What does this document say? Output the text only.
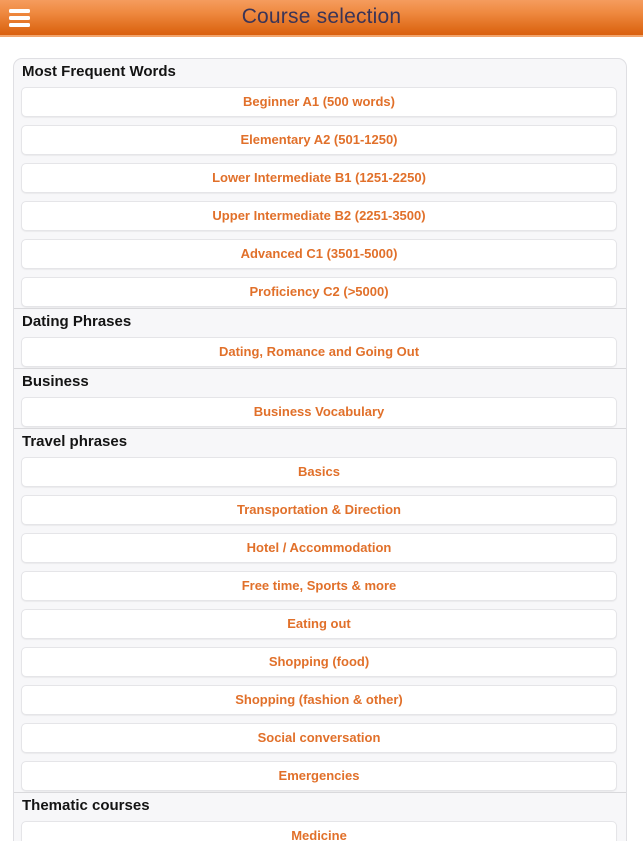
Course selection
Most Frequent Words
Beginner A1 (500 words)
Elementary A2 (501-1250)
Lower Intermediate B1 (1251-2250)
Upper Intermediate B2 (2251-3500)
Advanced C1 (3501-5000)
Proficiency C2 (>5000)
Dating Phrases
Dating, Romance and Going Out
Business
Business Vocabulary
Travel phrases
Basics
Transportation & Direction
Hotel / Accommodation
Free time, Sports & more
Eating out
Shopping (food)
Shopping (fashion & other)
Social conversation
Emergencies
Thematic courses
Medicine
